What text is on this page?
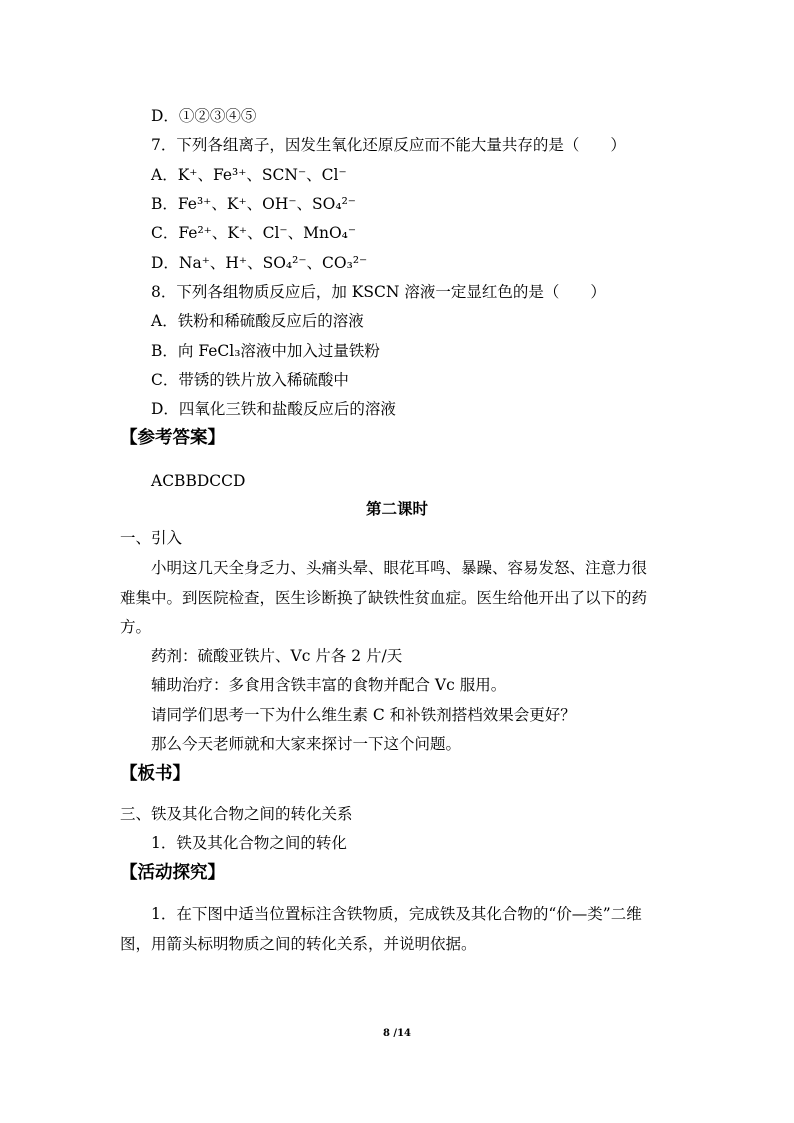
D．①②③④⑤
7．下列各组离子，因发生氧化还原反应而不能大量共存的是（　　）
A．K⁺、Fe³⁺、SCN⁻、Cl⁻
B．Fe³⁺、K⁺、OH⁻、SO₄²⁻
C．Fe²⁺、K⁺、Cl⁻、MnO₄⁻
D．Na⁺、H⁺、SO₄²⁻、CO₃²⁻
8．下列各组物质反应后，加 KSCN 溶液一定显红色的是（　　）
A．铁粉和稀硫酸反应后的溶液
B．向 FeCl₃溶液中加入过量铁粉
C．带锈的铁片放入稀硫酸中
D．四氧化三铁和盐酸反应后的溶液
【参考答案】
ACBBDCCD
第二课时
一、引入
小明这几天全身乏力、头痛头晕、眼花耳鸣、暴躁、容易发怒、注意力很
难集中。到医院检查，医生诊断换了缺铁性贫血症。医生给他开出了以下的药
方。
药剂：硫酸亚铁片、Vc 片各 2 片/天
辅助治疗：多食用含铁丰富的食物并配合 Vc 服用。
请同学们思考一下为什么维生素 C 和补铁剂搭档效果会更好？
那么今天老师就和大家来探讨一下这个问题。
【板书】
三、铁及其化合物之间的转化关系
1．铁及其化合物之间的转化
【活动探究】
1．在下图中适当位置标注含铁物质，完成铁及其化合物的“价—类”二维
图，用箭头标明物质之间的转化关系，并说明依据。
8 /14
